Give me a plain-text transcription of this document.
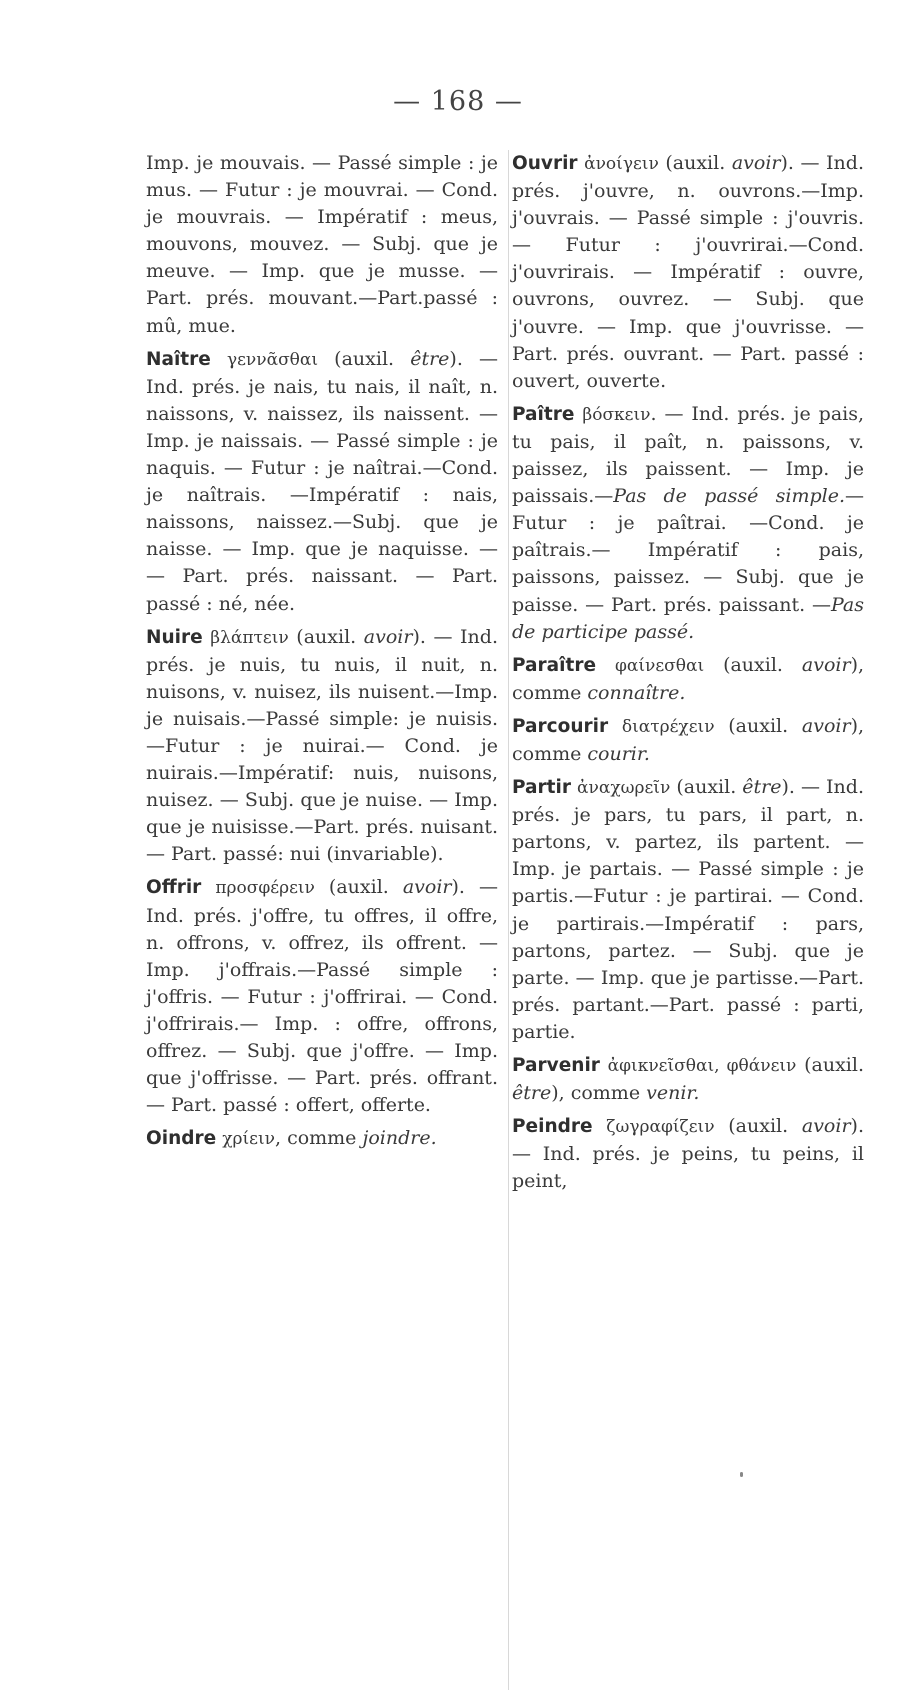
— 168 —

Imp. je mouvais. — Passé simple : je mus. — Futur : je mouvrai. — Cond. je mouvrais. — Impératif : meus, mouvons, mouvez. — Subj. que je meuve. — Imp. que je musse. — Part. prés. mouvant.—Part.passé : mû, mue.

Naître γεννᾶσθαι (auxil. être). — Ind. prés. je nais, tu nais, il naît, n. naissons, v. naissez, ils naissent. — Imp. je naissais. — Passé simple : je naquis. — Futur : je naîtrai.—Cond. je naîtrais. —Impératif : nais, naissons, naissez.—Subj. que je naisse. — Imp. que je naquisse. — — Part. prés. naissant. — Part. passé : né, née.

Nuire βλάπτειν (auxil. avoir). — Ind. prés. je nuis, tu nuis, il nuit, n. nuisons, v. nuisez, ils nuisent.—Imp. je nuisais.—Passé simple: je nuisis.—Futur : je nuirai.— Cond. je nuirais.—Impératif: nuis, nuisons, nuisez. — Subj. que je nuise. — Imp. que je nuisisse.—Part. prés. nuisant. — Part. passé: nui (invariable).

Offrir προσφέρειν (auxil. avoir). — Ind. prés. j'offre, tu offres, il offre, n. offrons, v. offrez, ils offrent. — Imp. j'offrais.—Passé simple : j'offris. — Futur : j'offrirai. — Cond. j'offrirais.— Imp. : offre, offrons, offrez. — Subj. que j'offre. — Imp. que j'offrisse. — Part. prés. offrant. — Part. passé : offert, offerte.

Oindre χρίειν, comme joindre.

Ouvrir ἀνοίγειν (auxil. avoir). — Ind. prés. j'ouvre, n. ouvrons.—Imp. j'ouvrais. — Passé simple : j'ouvris. — Futur : j'ouvrirai.—Cond. j'ouvrirais. — Impératif : ouvre, ouvrons, ouvrez. — Subj. que j'ouvre. — Imp. que j'ouvrisse. — Part. prés. ouvrant. — Part. passé : ouvert, ouverte.

Paître βόσκειν. — Ind. prés. je pais, tu pais, il paît, n. paissons, v. paissez, ils paissent. — Imp. je paissais.—Pas de passé simple.— Futur : je paîtrai. —Cond. je paîtrais.— Impératif : pais, paissons, paissez. — Subj. que je paisse. — Part. prés. paissant. —Pas de participe passé.

Paraître φαίνεσθαι (auxil. avoir), comme connaître.

Parcourir διατρέχειν (auxil. avoir), comme courir.

Partir ἀναχωρεῖν (auxil. être). — Ind. prés. je pars, tu pars, il part, n. partons, v. partez, ils partent. — Imp. je partais. — Passé simple : je partis.—Futur : je partirai. — Cond. je partirais.—Impératif : pars, partons, partez. — Subj. que je parte. — Imp. que je partisse.—Part. prés. partant.—Part. passé : parti, partie.

Parvenir ἀφικνεῖσθαι, φθάνειν (auxil. être), comme venir.

Peindre ζωγραφίζειν (auxil. avoir). — Ind. prés. je peins, tu peins, il peint,
